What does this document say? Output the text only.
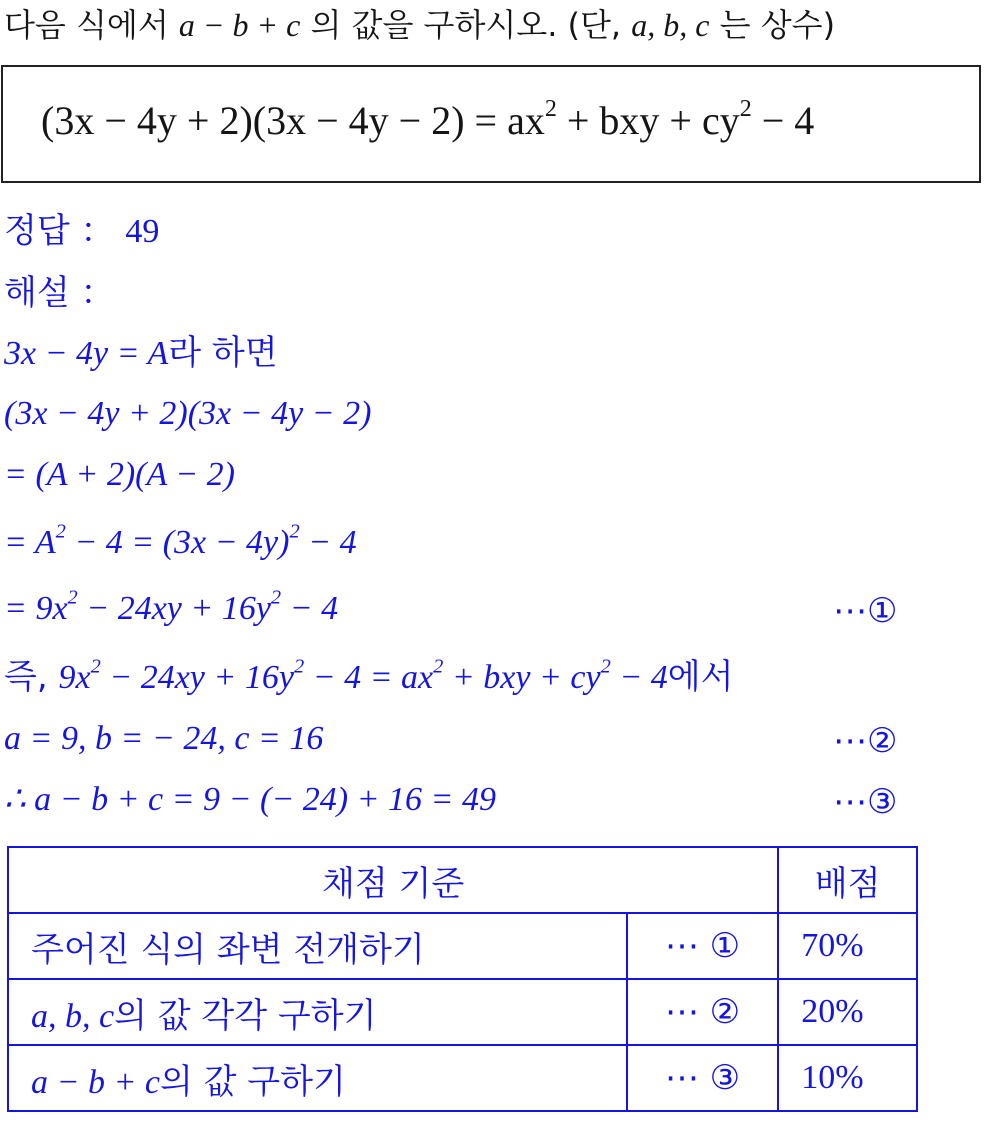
다음 식에서 a − b + c 의 값을 구하시오. (단, a, b, c 는 상수)
$(3x - 4y + 2)(3x - 4y - 2) = ax^2$ + bxy + $cy^2 - 4$
정답 ： 49
해설 ：
3x − 4y = A라 하면
(3x − 4y + 2)(3x − 4y − 2)
= (A + 2)(A − 2)
= $A^2 - 4 = (3x - 4y)^2 - 4$
= $9x^2 - 24xy + 16y^2 - 4$	⋯①
즉, $9x^2 - 24xy + 16y^2 - 4 = ax^2$ + bxy + $cy^2 - 4$에서
a = 9, b = − 24, c = 16	⋯②
∴ a − b + c = 9 − (− 24) + 16 = 49	⋯③
채점 기준		배점
주어진 식의 좌변 전개하기	⋯ ①	70%
a, b, c의 값 각각 구하기	⋯ ②	20%
a − b + c의 값 구하기	⋯ ③	10%
